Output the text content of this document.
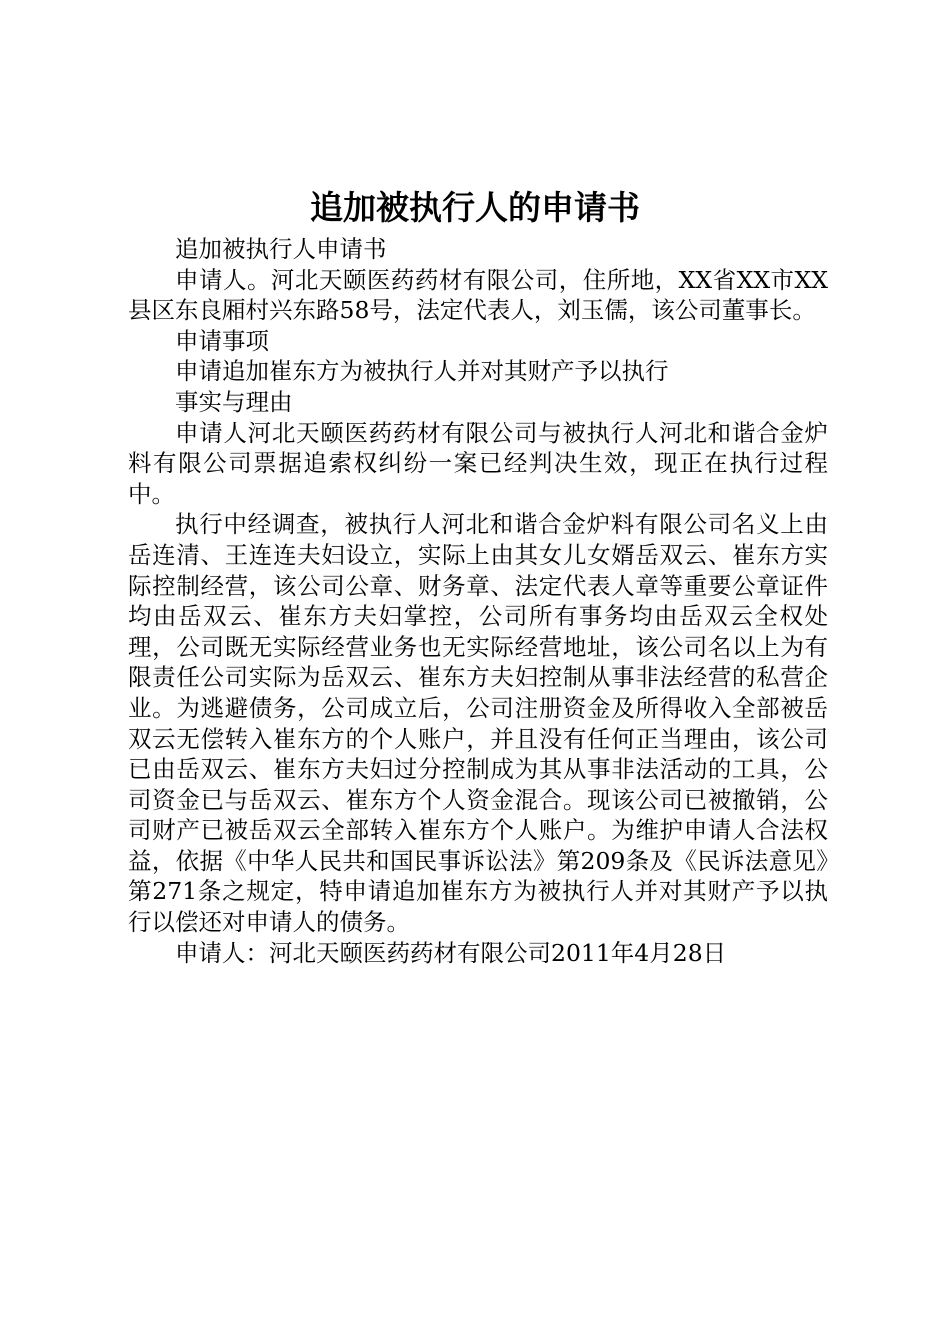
追加被执行人的申请书

追加被执行人申请书

申请人。河北天颐医药药材有限公司，住所地，XX省XX市XX县区东良厢村兴东路58号，法定代表人，刘玉儒，该公司董事长。

申请事项

申请追加崔东方为被执行人并对其财产予以执行

事实与理由

申请人河北天颐医药药材有限公司与被执行人河北和谐合金炉料有限公司票据追索权纠纷一案已经判决生效，现正在执行过程中。

执行中经调查，被执行人河北和谐合金炉料有限公司名义上由岳连清、王连连夫妇设立，实际上由其女儿女婿岳双云、崔东方实际控制经营，该公司公章、财务章、法定代表人章等重要公章证件均由岳双云、崔东方夫妇掌控，公司所有事务均由岳双云全权处理，公司既无实际经营业务也无实际经营地址，该公司名以上为有限责任公司实际为岳双云、崔东方夫妇控制从事非法经营的私营企业。为逃避债务，公司成立后，公司注册资金及所得收入全部被岳双云无偿转入崔东方的个人账户，并且没有任何正当理由，该公司已由岳双云、崔东方夫妇过分控制成为其从事非法活动的工具，公司资金已与岳双云、崔东方个人资金混合。现该公司已被撤销，公司财产已被岳双云全部转入崔东方个人账户。为维护申请人合法权益，依据《中华人民共和国民事诉讼法》第209条及《民诉法意见》第271条之规定，特申请追加崔东方为被执行人并对其财产予以执行以偿还对申请人的债务。

申请人：河北天颐医药药材有限公司2011年4月28日
